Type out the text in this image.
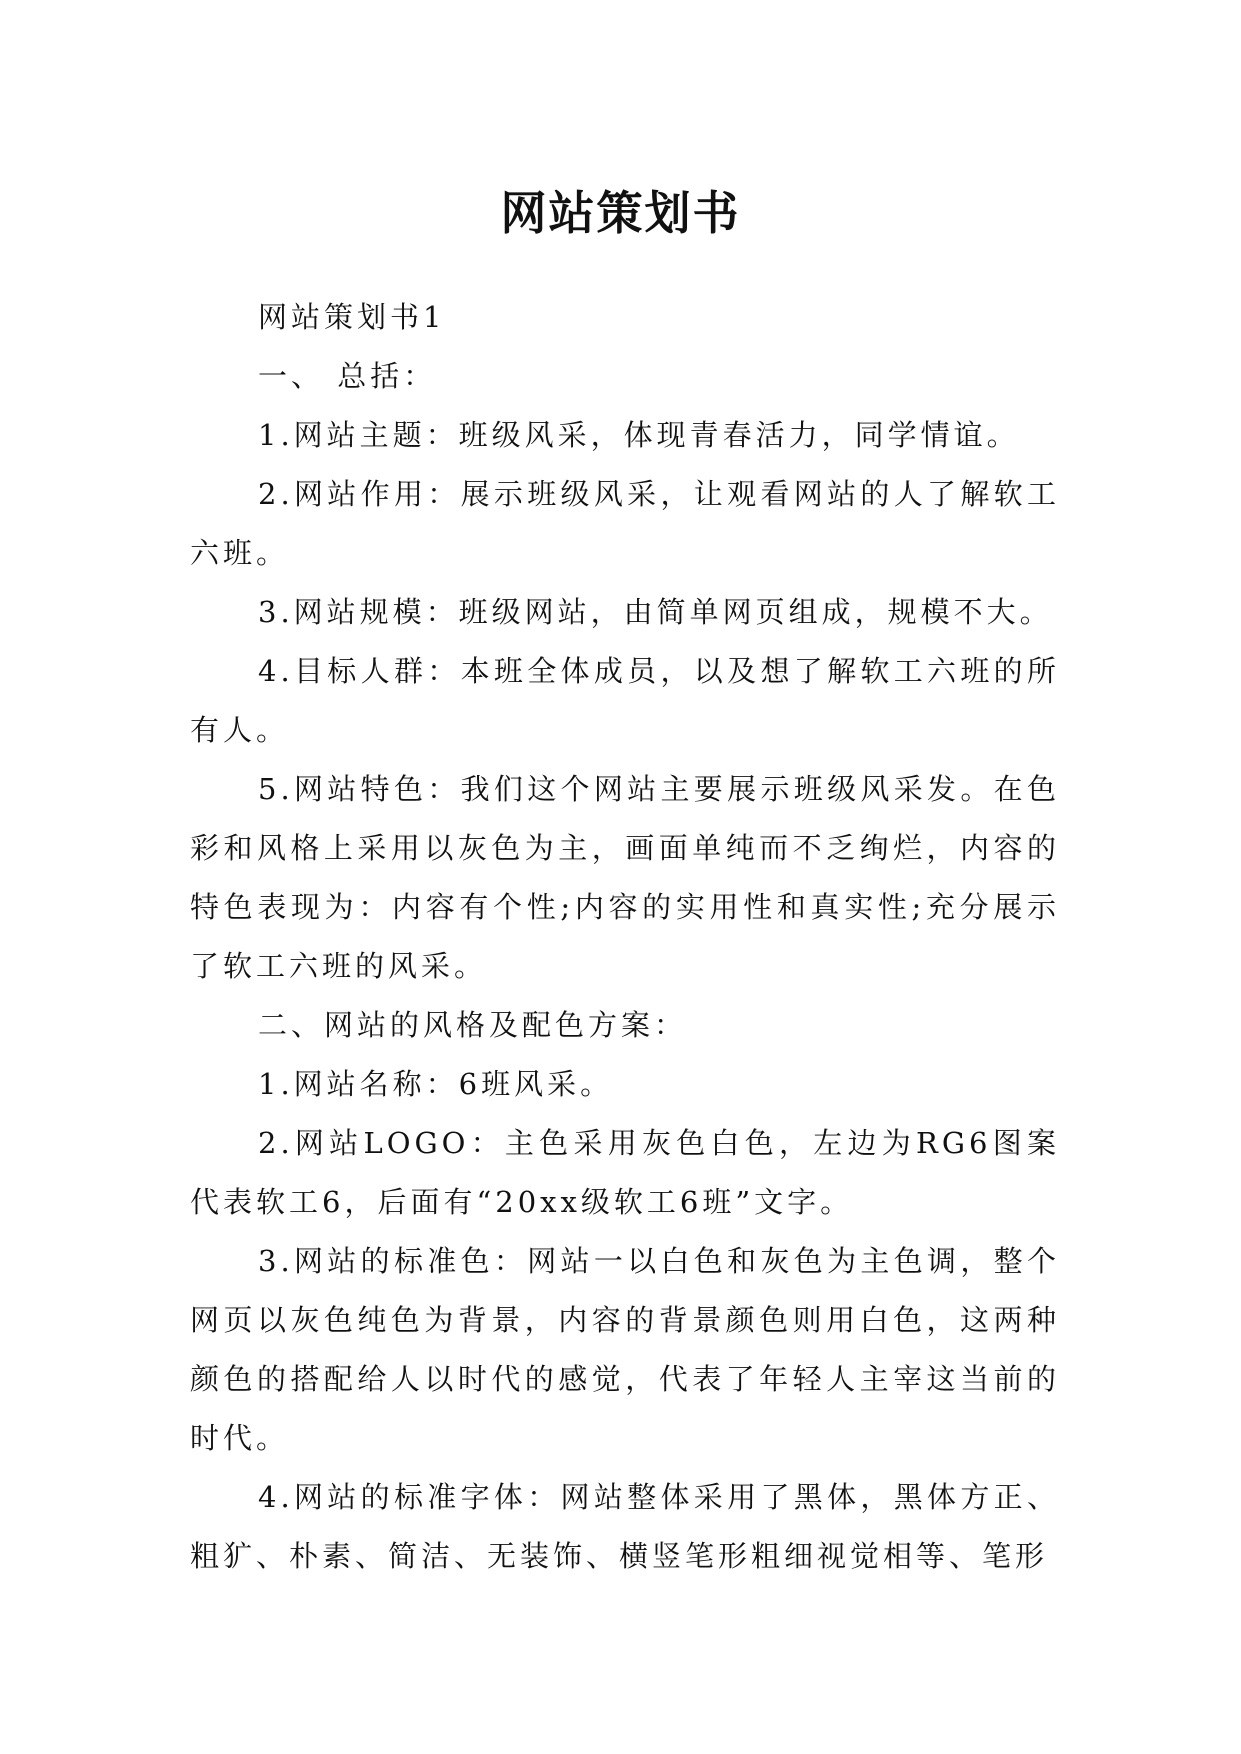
网站策划书

网站策划书1

一、 总括：

1.网站主题：班级风采，体现青春活力，同学情谊。

2.网站作用：展示班级风采，让观看网站的人了解软工六班。

3.网站规模：班级网站，由简单网页组成，规模不大。

4.目标人群：本班全体成员，以及想了解软工六班的所有人。

5.网站特色：我们这个网站主要展示班级风采发。在色彩和风格上采用以灰色为主，画面单纯而不乏绚烂，内容的特色表现为：内容有个性;内容的实用性和真实性;充分展示了软工六班的风采。

二、网站的风格及配色方案：

1.网站名称：6班风采。

2.网站LOGO：主色采用灰色白色，左边为RG6图案代表软工6，后面有“20xx级软工6班”文字。

3.网站的标准色：网站一以白色和灰色为主色调，整个网页以灰色纯色为背景，内容的背景颜色则用白色，这两种颜色的搭配给人以时代的感觉，代表了年轻人主宰这当前的时代。

4.网站的标准字体：网站整体采用了黑体，黑体方正、粗犷、朴素、简洁、无装饰、横竖笔形粗细视觉相等、笔形
